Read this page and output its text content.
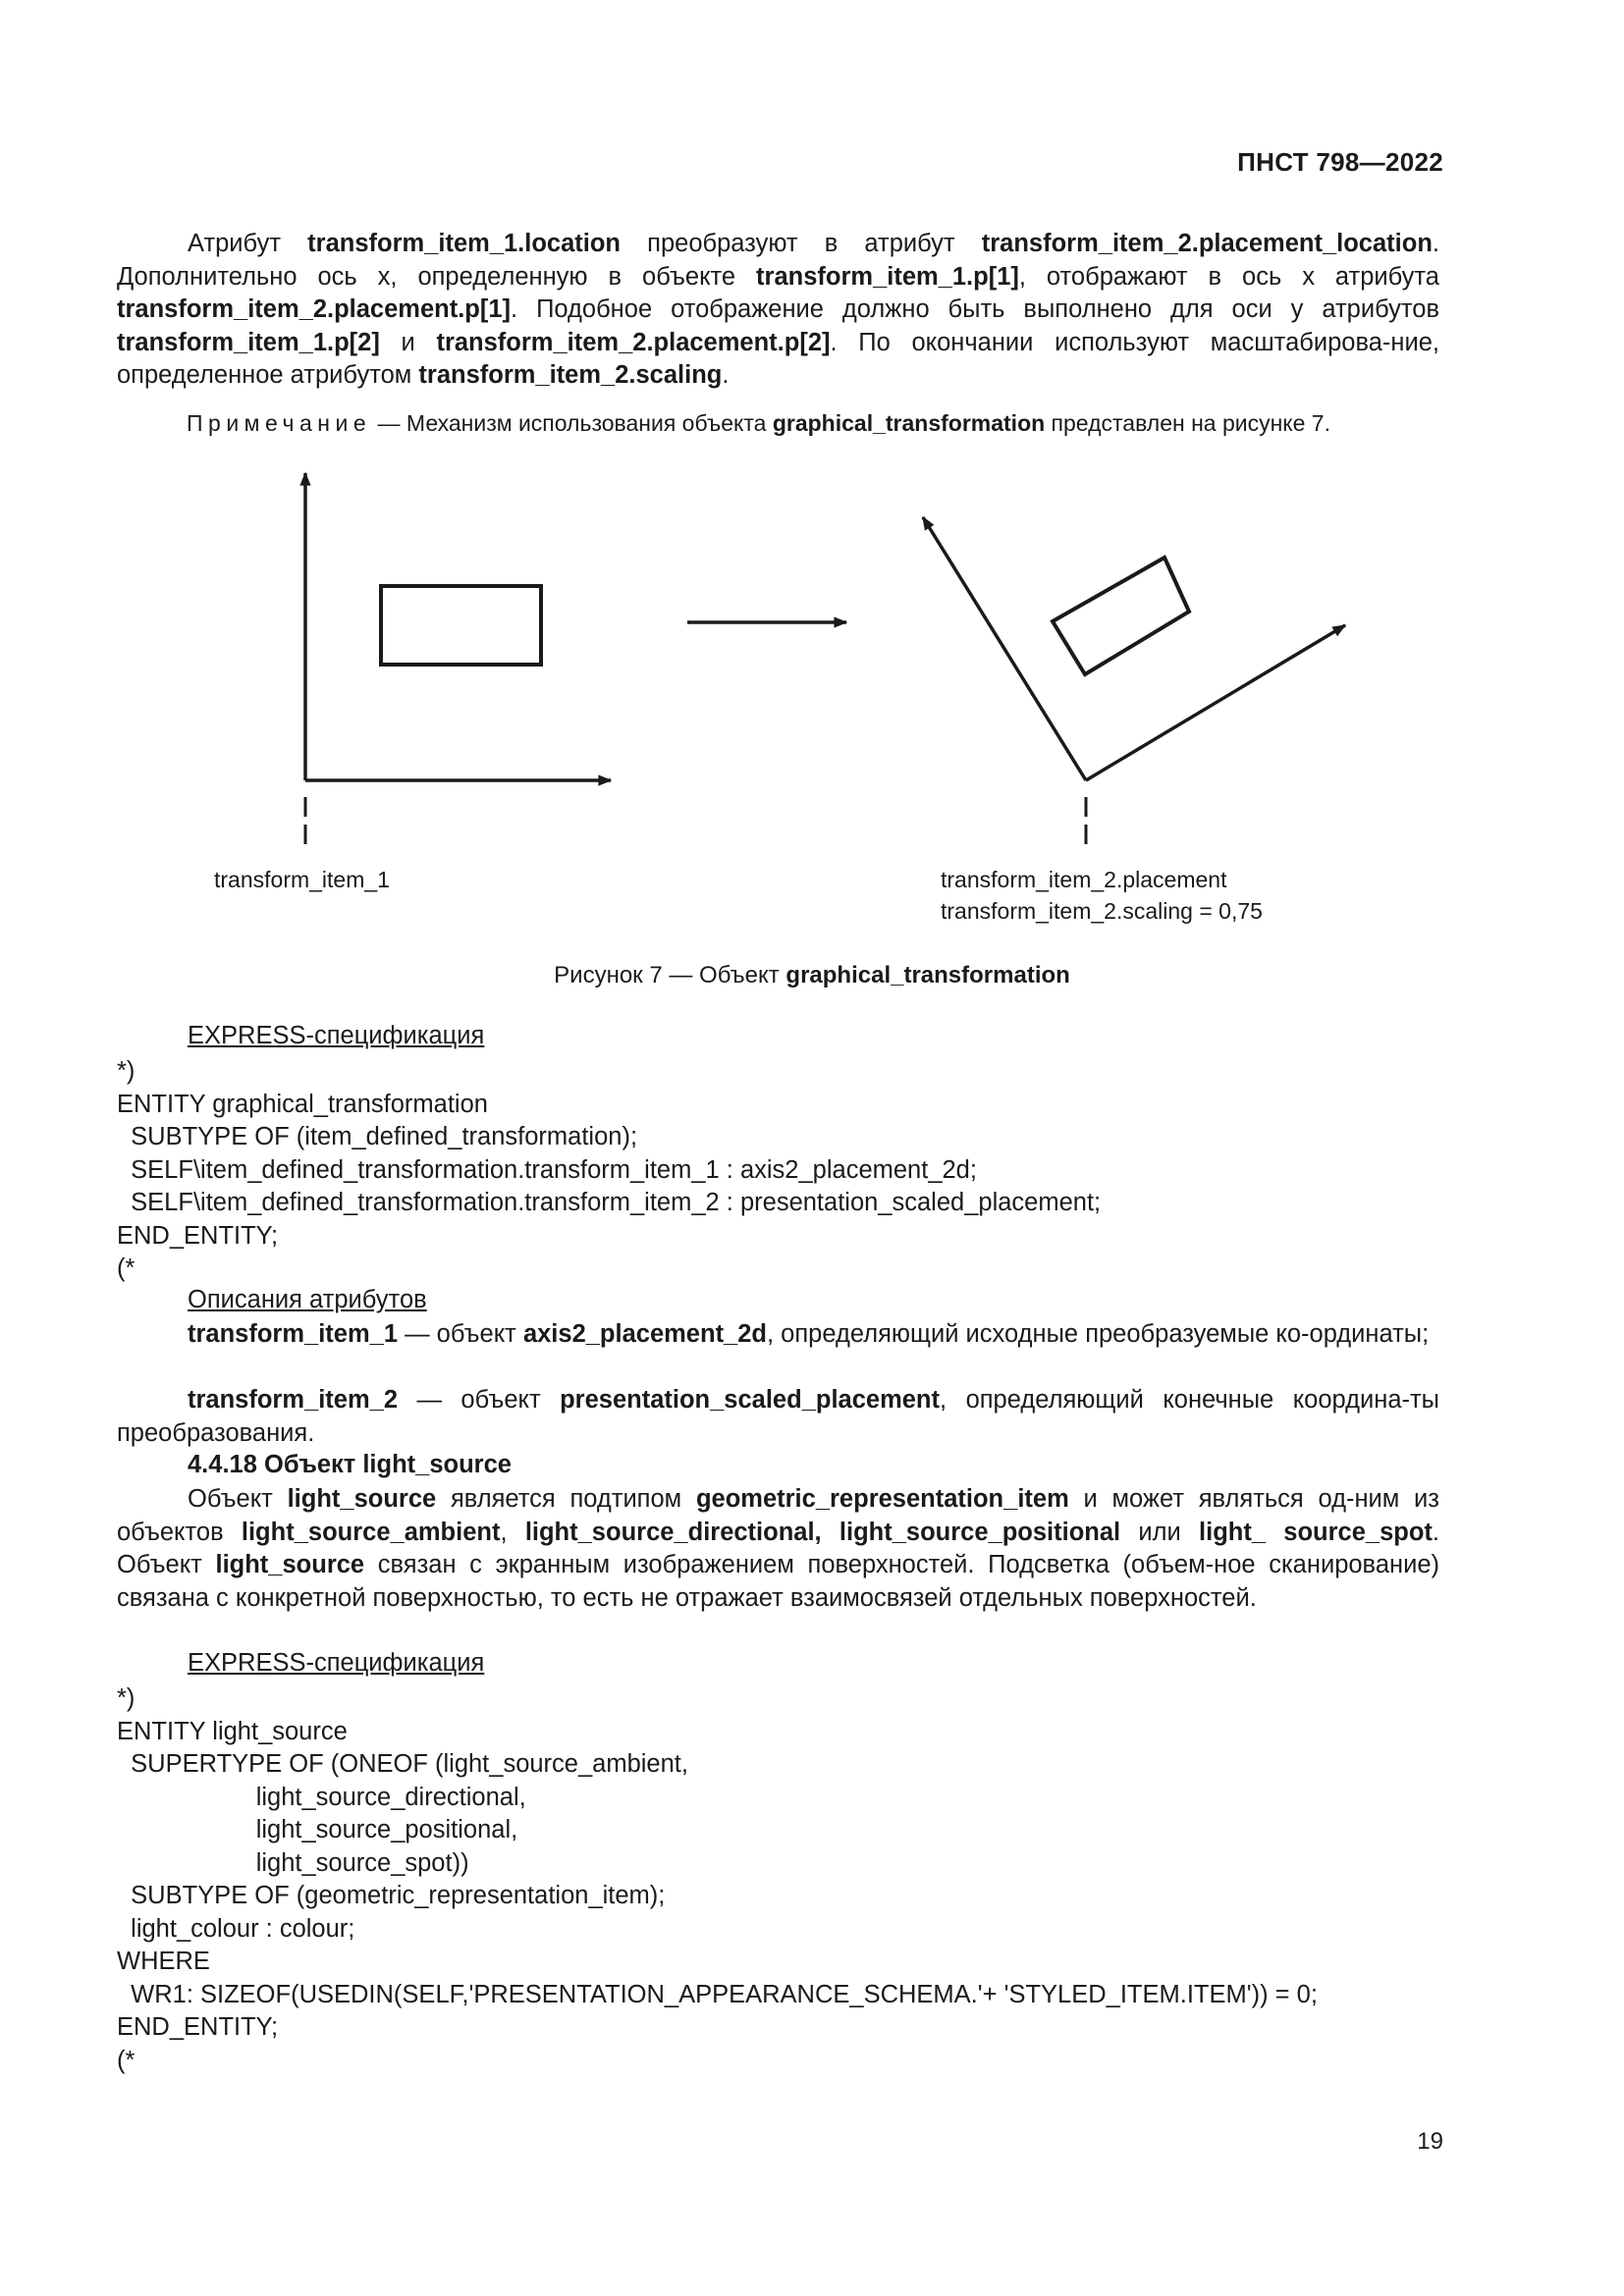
ПНСТ 798—2022
Атрибут transform_item_1.location преобразуют в атрибут transform_item_2.placement_location. Дополнительно ось x, определенную в объекте transform_item_1.p[1], отображают в ось x атрибута transform_item_2.placement.p[1]. Подобное отображение должно быть выполнено для оси y атрибутов transform_item_1.p[2] и transform_item_2.placement.p[2]. По окончании используют масштабирова-ние, определенное атрибутом transform_item_2.scaling.
Примечание — Механизм использования объекта graphical_transformation представлен на рисунке 7.
transform_item_1	transform_item_2.placement
transform_item_2.scaling = 0,75
Рисунок 7 — Объект graphical_transformation
EXPRESS-спецификация
*)
ENTITY graphical_transformation
SUBTYPE OF (item_defined_transformation);
SELF\item_defined_transformation.transform_item_1 : axis2_placement_2d;
SELF\item_defined_transformation.transform_item_2 : presentation_scaled_placement;
END_ENTITY;
(*
Описания атрибутов
transform_item_1 — объект axis2_placement_2d, определяющий исходные преобразуемые ко-ординаты;
transform_item_2 — объект presentation_scaled_placement, определяющий конечные координа-ты преобразования.
4.4.18 Объект light_source
Объект light_source является подтипом geometric_representation_item и может являться од-ним из объектов light_source_ambient, light_source_directional, light_source_positional или light_ source_spot. Объект light_source связан с экранным изображением поверхностей. Подсветка (объем-ное сканирование) связана с конкретной поверхностью, то есть не отражает взаимосвязей отдельных поверхностей.
EXPRESS-спецификация
*)
ENTITY light_source
SUPERTYPE OF (ONEOF (light_source_ambient,
light_source_directional,
light_source_positional,
light_source_spot))
SUBTYPE OF (geometric_representation_item);
light_colour : colour;
WHERE
WR1: SIZEOF(USEDIN(SELF,'PRESENTATION_APPEARANCE_SCHEMA.'+ 'STYLED_ITEM.ITEM')) = 0;
END_ENTITY;
(*
19
